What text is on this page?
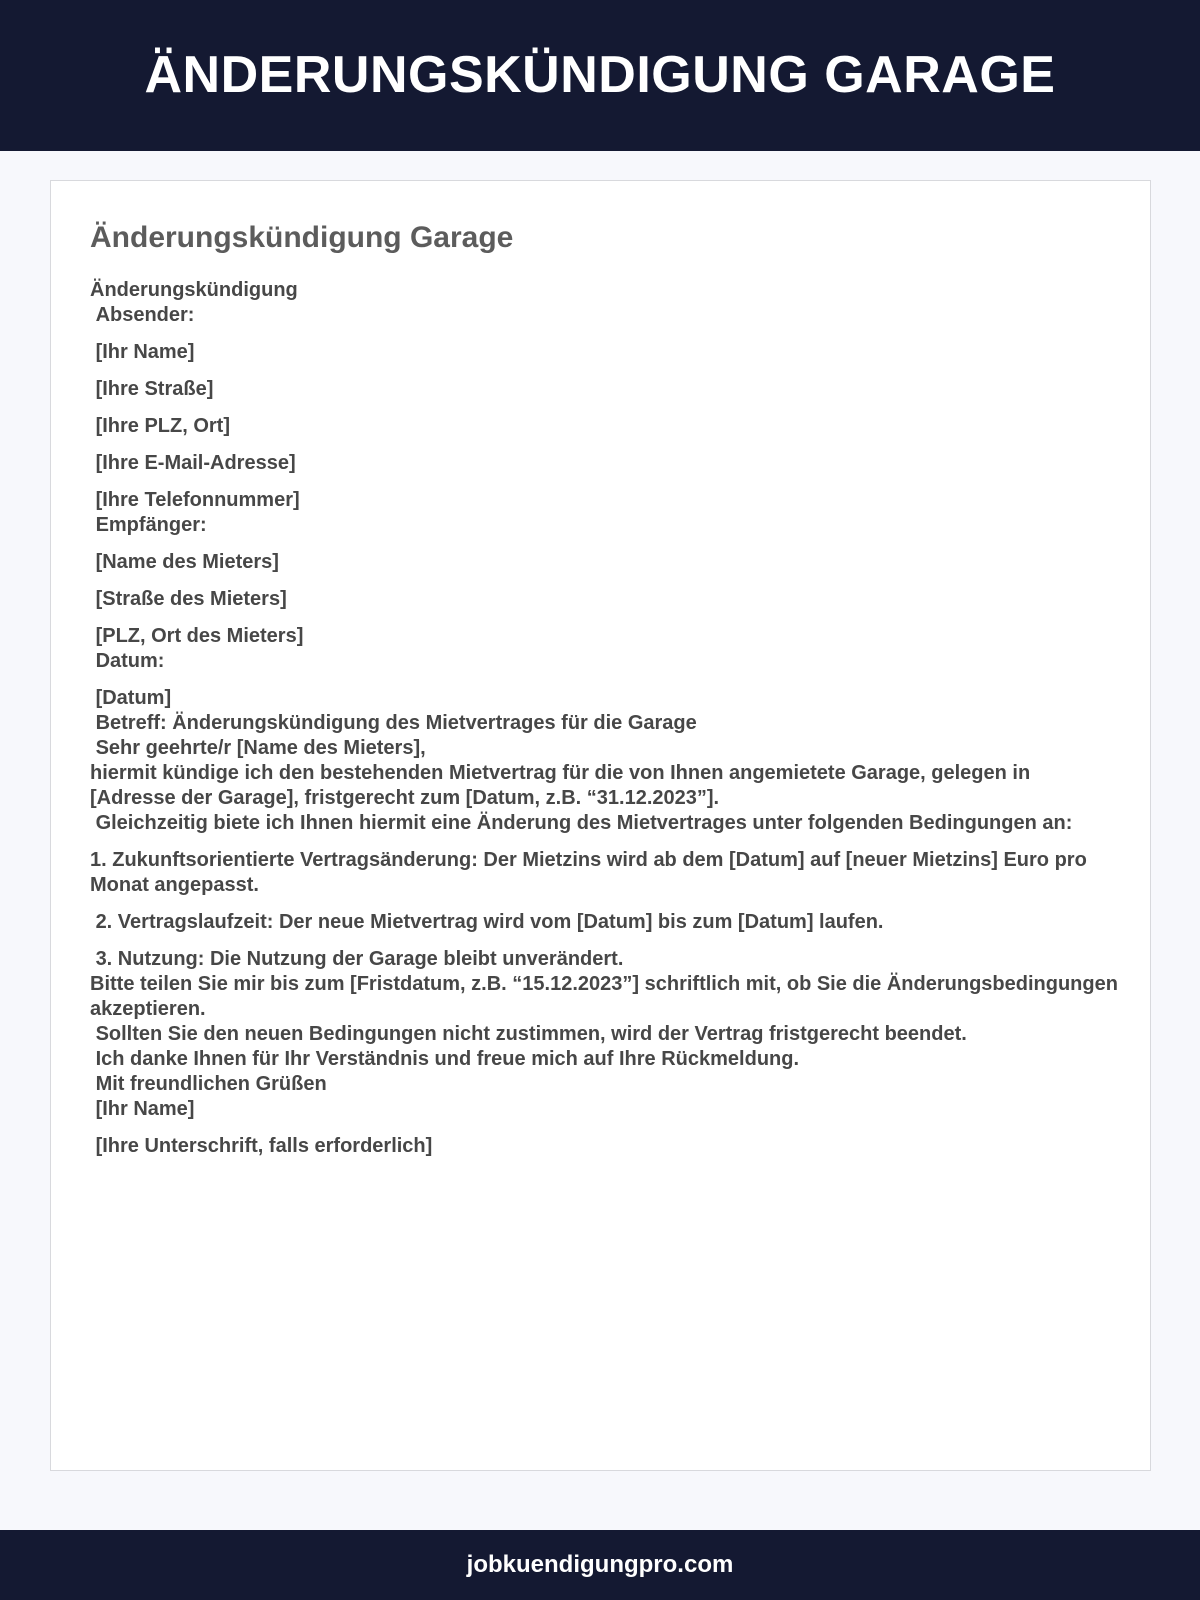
ÄNDERUNGSKÜNDIGUNG GARAGE
Änderungskündigung Garage

Änderungskündigung

Absender:

[Ihr Name]

[Ihre Straße]

[Ihre PLZ, Ort]

[Ihre E-Mail-Adresse]

[Ihre Telefonnummer]

Empfänger:

[Name des Mieters]

[Straße des Mieters]

[PLZ, Ort des Mieters]

Datum:

[Datum]

Betreff: Änderungskündigung des Mietvertrages für die Garage

Sehr geehrte/r [Name des Mieters],

hiermit kündige ich den bestehenden Mietvertrag für die von Ihnen angemietete Garage, gelegen in [Adresse der Garage], fristgerecht zum [Datum, z.B. “31.12.2023”].

Gleichzeitig biete ich Ihnen hiermit eine Änderung des Mietvertrages unter folgenden Bedingungen an:

1. Zukunftsorientierte Vertragsänderung: Der Mietzins wird ab dem [Datum] auf [neuer Mietzins] Euro pro Monat angepasst.

2. Vertragslaufzeit: Der neue Mietvertrag wird vom [Datum] bis zum [Datum] laufen.

3. Nutzung: Die Nutzung der Garage bleibt unverändert.

Bitte teilen Sie mir bis zum [Fristdatum, z.B. “15.12.2023”] schriftlich mit, ob Sie die Änderungsbedingungen akzeptieren.

Sollten Sie den neuen Bedingungen nicht zustimmen, wird der Vertrag fristgerecht beendet.

Ich danke Ihnen für Ihr Verständnis und freue mich auf Ihre Rückmeldung.

Mit freundlichen Grüßen

[Ihr Name]

[Ihre Unterschrift, falls erforderlich]

jobkuendigungpro.com
